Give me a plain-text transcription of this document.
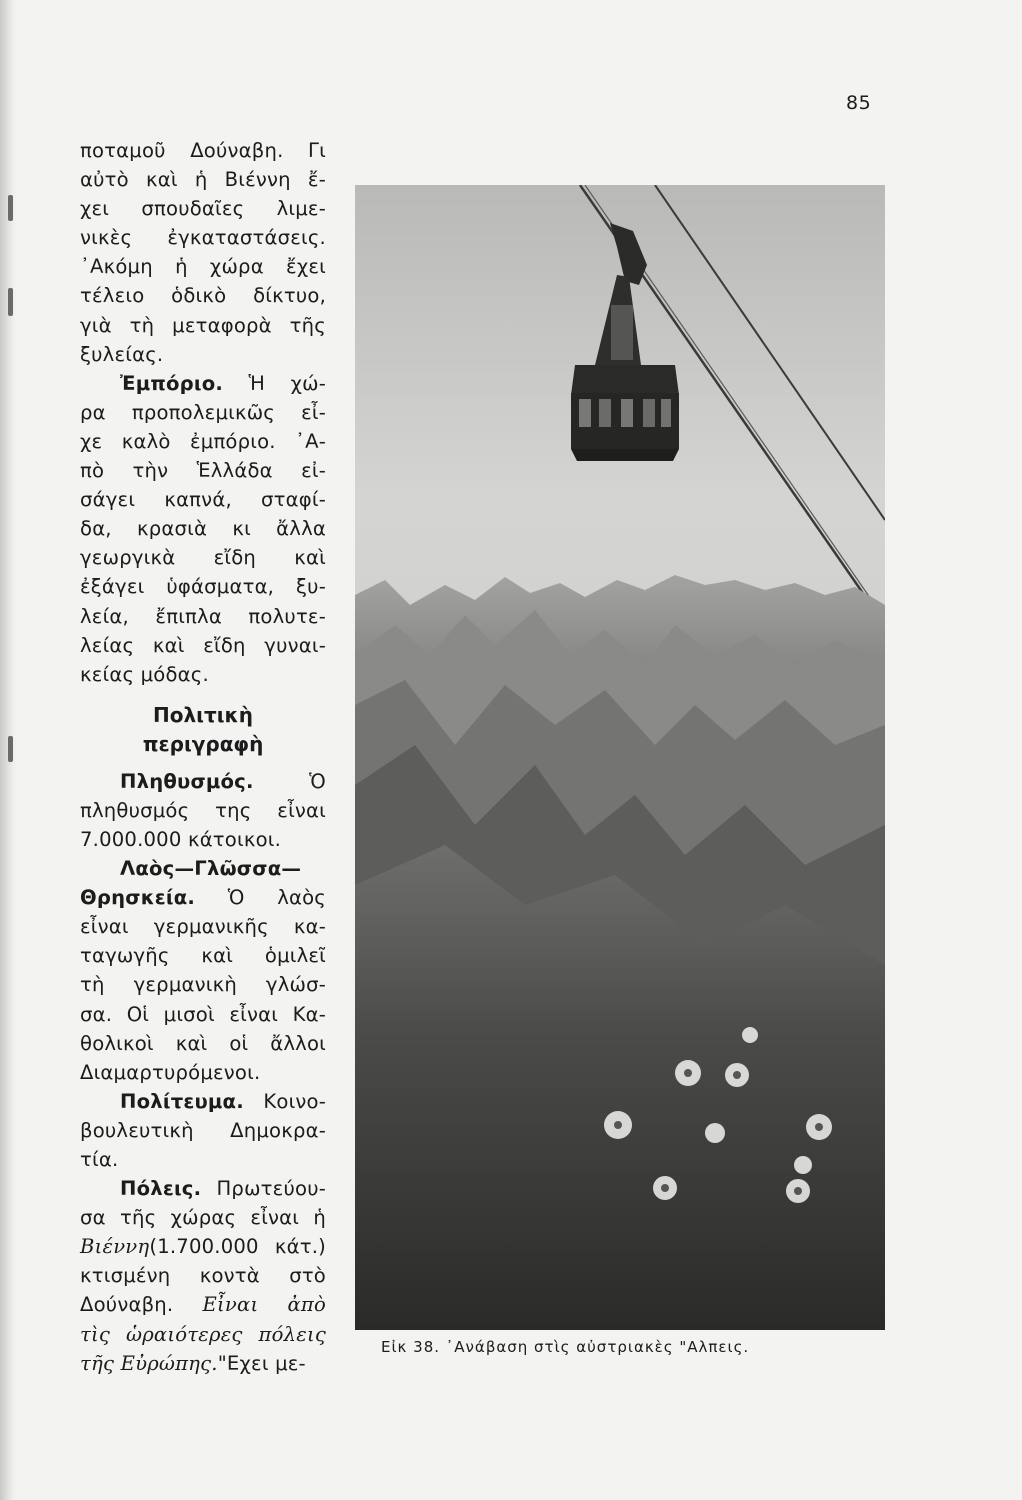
85
ποταμοῦ Δούναβη. Γι
αὐτὸ καὶ ἡ Βιέννη ἔ-
χει σπουδαῖες λιμε-
νικὲς ἐγκαταστάσεις.
᾿Ακόμη ἡ χώρα ἔχει
τέλειο ὁδικὸ δίκτυο,
γιὰ τὴ μεταφορὰ τῆς
ξυλείας.
Ἐμπόριο. Ἡ χώ-
ρα προπολεμικῶς εἶ-
χε καλὸ ἐμπόριο. ᾿Α-
πὸ τὴν Ἑλλάδα εἰ-
σάγει καπνά, σταφί-
δα, κρασιὰ κι ἄλλα
γεωργικὰ εἴδη καὶ
ἐξάγει ὑφάσματα, ξυ-
λεία, ἔπιπλα πολυτε-
λείας καὶ εἴδη γυναι-
κείας μόδας.
Πολιτικὴ
περιγραφὴ
Πληθυσμός.	Ὁ
πληθυσμός της εἶναι
7.000.000 κάτοικοι.
Λαὸς—Γλῶσσα—
Θρησκεία. Ὁ λαὸς
εἶναι γερμανικῆς κα-
ταγωγῆς καὶ ὁμιλεῖ
τὴ γερμανικὴ γλώσ-
σα. Οἱ μισοὶ εἶναι Κα-
θολικοὶ καὶ οἱ ἄλλοι
Διαμαρτυρόμενοι.
Πολίτευμα. Κοινο-
βουλευτικὴ Δημοκρα-
τία.
Πόλεις. Πρωτεύου-
σα τῆς χώρας εἶναι ἡ
Βιέννη(1.700.000 κάτ.)
κτισμένη κοντὰ στὸ
Δούναβη. Εἶναι ἀπὸ
τὶς ὡραιότερες πόλεις
τῆς Εὐρώπης."Εχει με-
Εἰκ 38. ᾿Ανάβαση στὶς αὐστριακὲς "Αλπεις.
